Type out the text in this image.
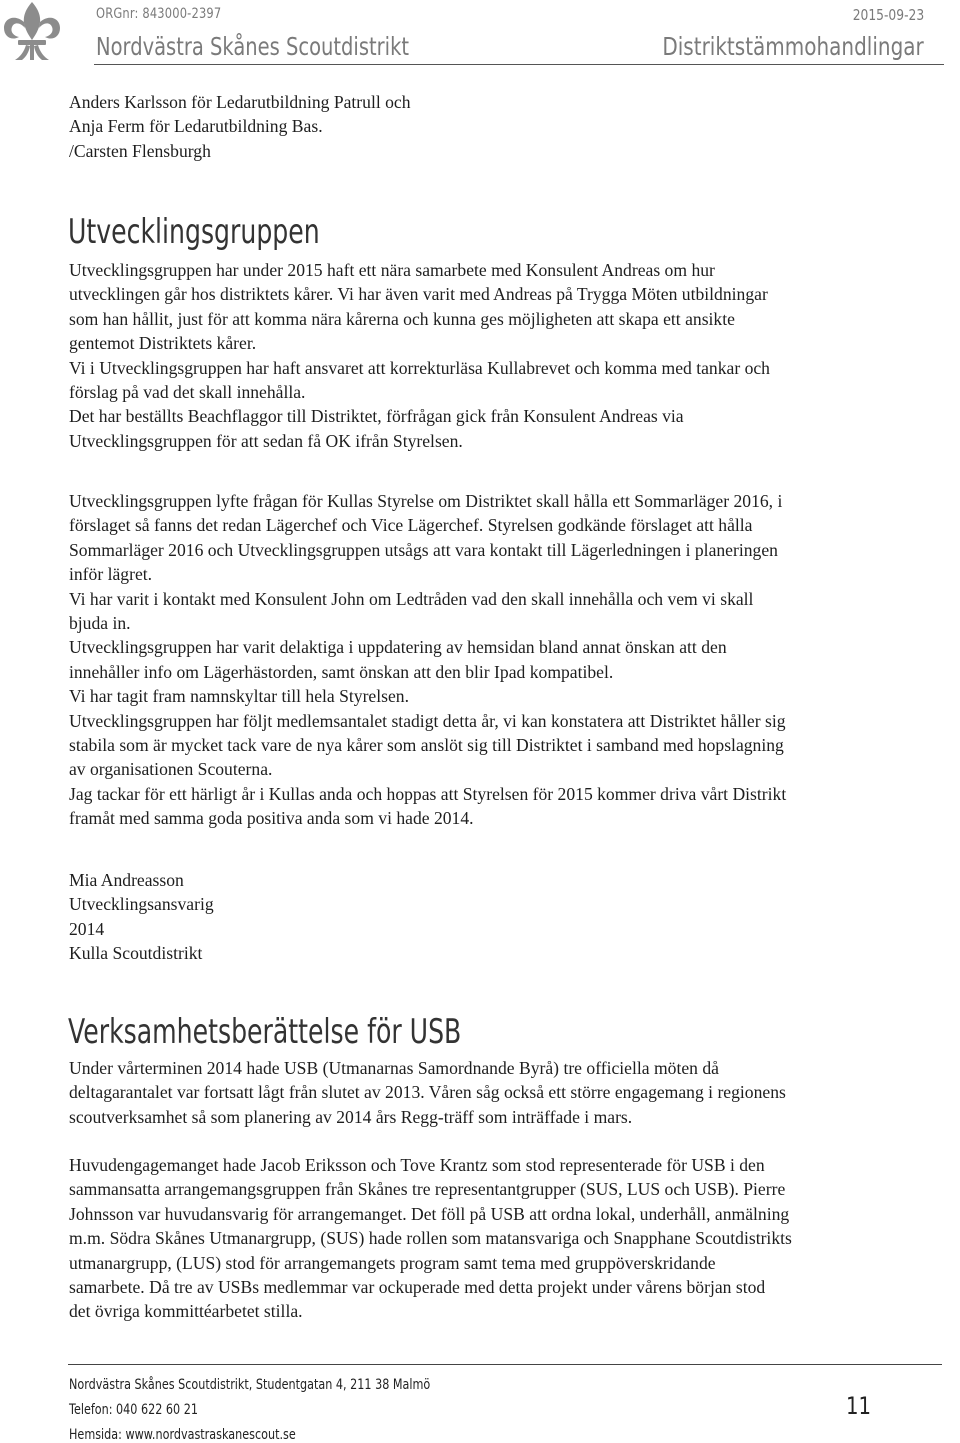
ORGnr: 843000-2397	2015-09-23
Nordvästra Skånes Scoutdistrikt	Distriktstämmohandlingar
Anders Karlsson för Ledarutbildning Patrull och
Anja Ferm för Ledarutbildning Bas.
/Carsten Flensburgh
Utvecklingsgruppen
Utvecklingsgruppen har under 2015 haft ett nära samarbete med Konsulent Andreas om hur
utvecklingen går hos distriktets kårer. Vi har även varit med Andreas på Trygga Möten utbildningar
som han hållit, just för att komma nära kårerna och kunna ges möjligheten att skapa ett ansikte
gentemot Distriktets kårer.
Vi i Utvecklingsgruppen har haft ansvaret att korrekturläsa Kullabrevet och komma med tankar och
förslag på vad det skall innehålla.
Det har beställts Beachflaggor till Distriktet, förfrågan gick från Konsulent Andreas via
Utvecklingsgruppen för att sedan få OK ifrån Styrelsen.
Utvecklingsgruppen lyfte frågan för Kullas Styrelse om Distriktet skall hålla ett Sommarläger 2016, i
förslaget så fanns det redan Lägerchef och Vice Lägerchef. Styrelsen godkände förslaget att hålla
Sommarläger 2016 och Utvecklingsgruppen utsågs att vara kontakt till Lägerledningen i planeringen
inför lägret.
Vi har varit i kontakt med Konsulent John om Ledtråden vad den skall innehålla och vem vi skall
bjuda in.
Utvecklingsgruppen har varit delaktiga i uppdatering av hemsidan bland annat önskan att den
innehåller info om Lägerhästorden, samt önskan att den blir Ipad kompatibel.
Vi har tagit fram namnskyltar till hela Styrelsen.
Utvecklingsgruppen har följt medlemsantalet stadigt detta år, vi kan konstatera att Distriktet håller sig
stabila som är mycket tack vare de nya kårer som anslöt sig till Distriktet i samband med hopslagning
av organisationen Scouterna.
Jag tackar för ett härligt år i Kullas anda och hoppas att Styrelsen för 2015 kommer driva vårt Distrikt
framåt med samma goda positiva anda som vi hade 2014.
Mia Andreasson
Utvecklingsansvarig
2014
Kulla Scoutdistrikt
Verksamhetsberättelse för USB
Under vårterminen 2014 hade USB (Utmanarnas Samordnande Byrå) tre officiella möten då
deltagarantalet var fortsatt lågt från slutet av 2013. Våren såg också ett större engagemang i regionens
scoutverksamhet så som planering av 2014 års Regg-träff som inträffade i mars.
Huvudengagemanget hade Jacob Eriksson och Tove Krantz som stod representerade för USB i den
sammansatta arrangemangsgruppen från Skånes tre representantgrupper (SUS, LUS och USB). Pierre
Johnsson var huvudansvarig för arrangemanget. Det föll på USB att ordna lokal, underhåll, anmälning
m.m. Södra Skånes Utmanargrupp, (SUS) hade rollen som matansvariga och Snapphane Scoutdistrikts
utmanargrupp, (LUS) stod för arrangemangets program samt tema med gruppöverskridande
samarbete. Då tre av USBs medlemmar var ockuperade med detta projekt under vårens början stod
det övriga kommittéarbetet stilla.
Nordvästra Skånes Scoutdistrikt, Studentgatan 4, 211 38 Malmö
Telefon: 040 622 60 21
Hemsida: www.nordvastraskanescout.se
11
